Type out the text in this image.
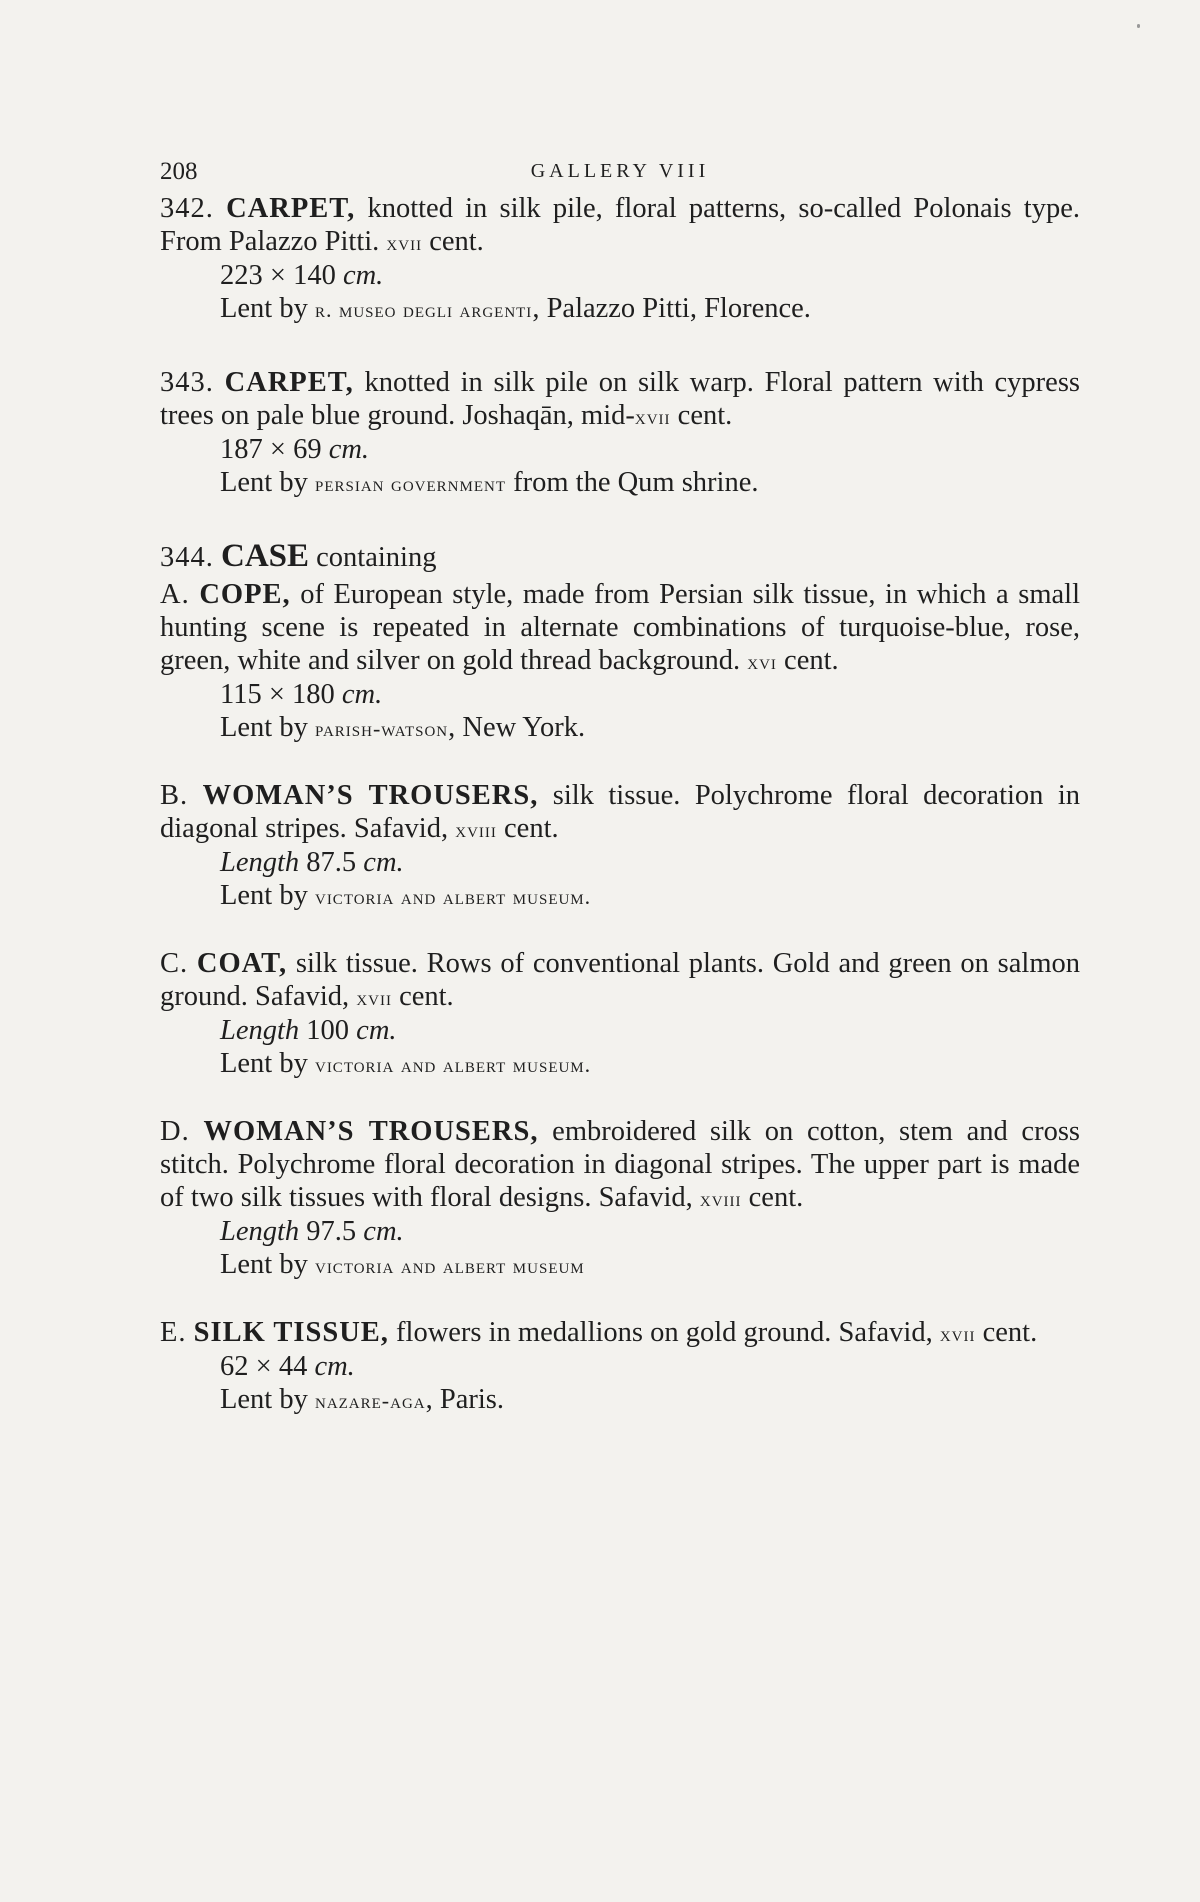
208	GALLERY VIII

342. CARPET, knotted in silk pile, floral patterns, so-called Polonais type. From Palazzo Pitti. xvii cent.

223 × 140 cm.
Lent by r. museo degli argenti, Palazzo Pitti, Florence.

343. CARPET, knotted in silk pile on silk warp. Floral pattern with cypress trees on pale blue ground. Joshaqān, mid-xvii cent.

187 × 69 cm.
Lent by persian government from the Qum shrine.

344. CASE containing

A. COPE, of European style, made from Persian silk tissue, in which a small hunting scene is repeated in alternate combinations of turquoise-blue, rose, green, white and silver on gold thread background. xvi cent.

115 × 180 cm.
Lent by parish-watson, New York.

B. WOMAN’S TROUSERS, silk tissue. Polychrome floral decoration in diagonal stripes. Safavid, xviii cent.

Length 87.5 cm.
Lent by victoria and albert museum.

C. COAT, silk tissue. Rows of conventional plants. Gold and green on salmon ground. Safavid, xvii cent.

Length 100 cm.
Lent by victoria and albert museum.

D. WOMAN’S TROUSERS, embroidered silk on cotton, stem and cross stitch. Polychrome floral decoration in diagonal stripes. The upper part is made of two silk tissues with floral designs. Safavid, xviii cent.

Length 97.5 cm.
Lent by victoria and albert museum

E. SILK TISSUE, flowers in medallions on gold ground. Safavid, xvii cent.

62 × 44 cm.
Lent by nazare-aga, Paris.
